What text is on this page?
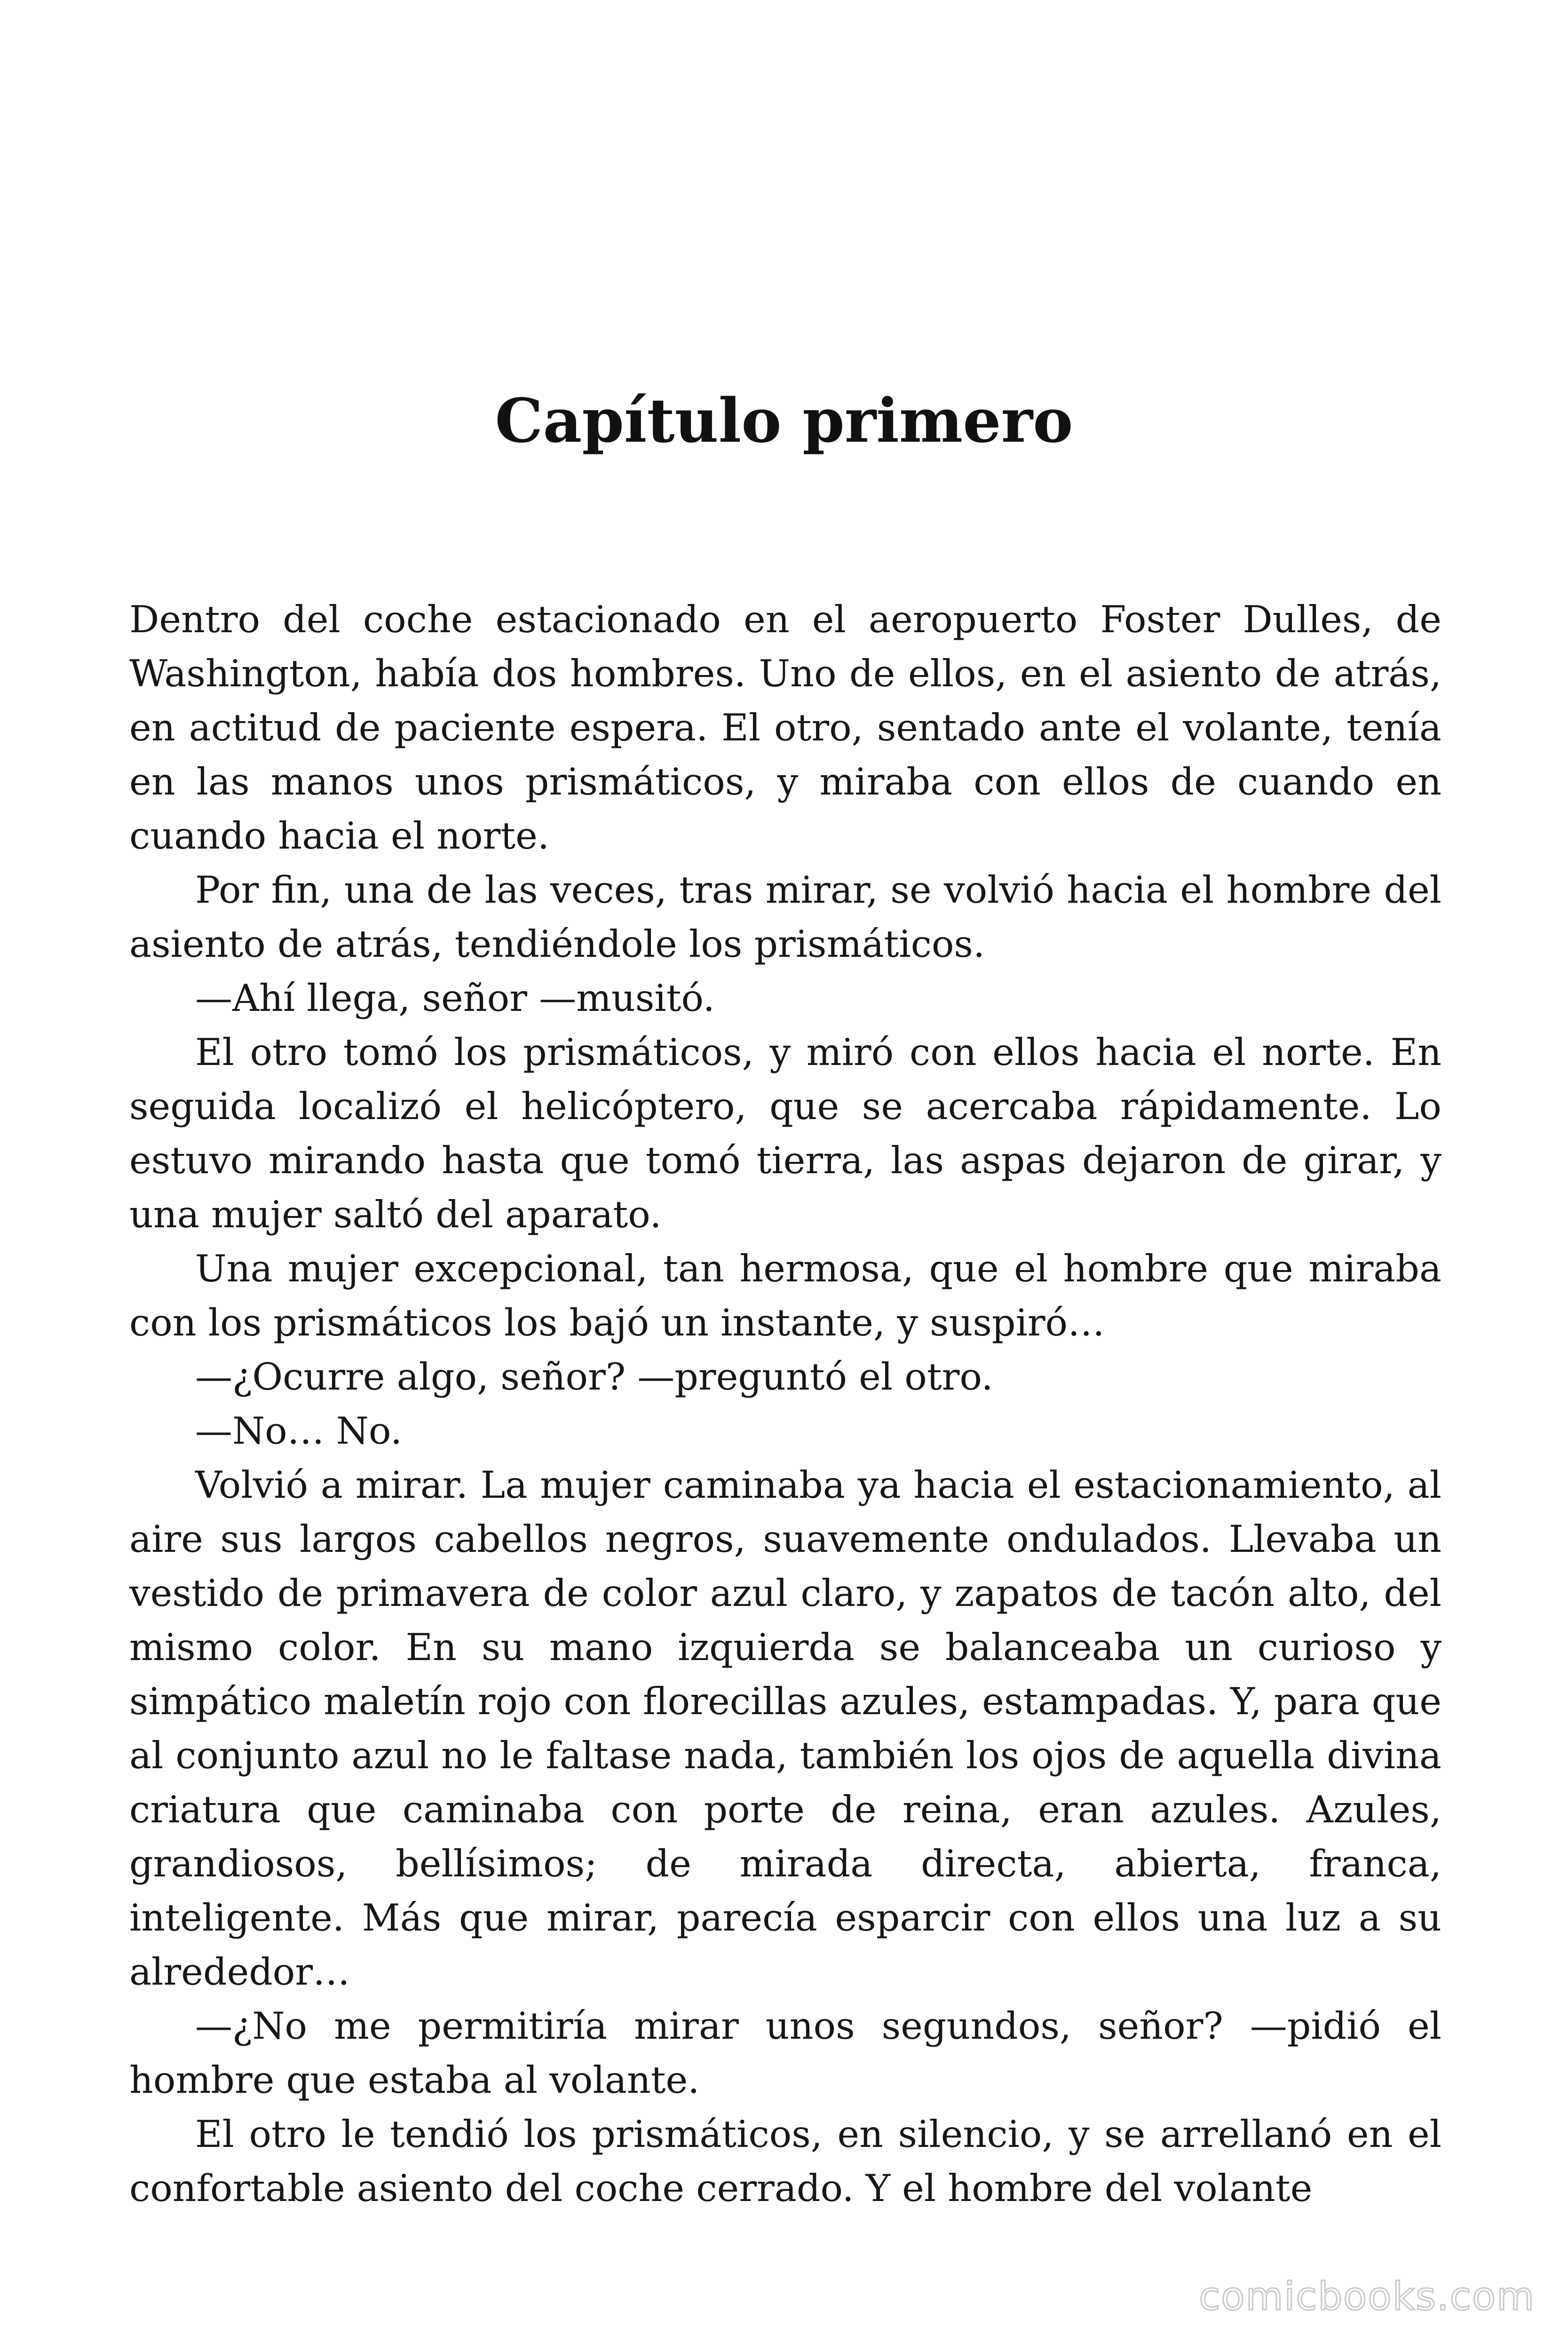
Capítulo primero

Dentro del coche estacionado en el aeropuerto Foster Dulles, de Washington, había dos hombres. Uno de ellos, en el asiento de atrás, en actitud de paciente espera. El otro, sentado ante el volante, tenía en las manos unos prismáticos, y miraba con ellos de cuando en cuando hacia el norte.

Por fin, una de las veces, tras mirar, se volvió hacia el hombre del asiento de atrás, tendiéndole los prismáticos.

—Ahí llega, señor —musitó.

El otro tomó los prismáticos, y miró con ellos hacia el norte. En seguida localizó el helicóptero, que se acercaba rápidamente. Lo estuvo mirando hasta que tomó tierra, las aspas dejaron de girar, y una mujer saltó del aparato.

Una mujer excepcional, tan hermosa, que el hombre que miraba con los prismáticos los bajó un instante, y suspiró…

—¿Ocurre algo, señor? —preguntó el otro.

—No… No.

Volvió a mirar. La mujer caminaba ya hacia el estacionamiento, al aire sus largos cabellos negros, suavemente ondulados. Llevaba un vestido de primavera de color azul claro, y zapatos de tacón alto, del mismo color. En su mano izquierda se balanceaba un curioso y simpático maletín rojo con florecillas azules, estampadas. Y, para que al conjunto azul no le faltase nada, también los ojos de aquella divina criatura que caminaba con porte de reina, eran azules. Azules, grandiosos, bellísimos; de mirada directa, abierta, franca, inteligente. Más que mirar, parecía esparcir con ellos una luz a su alrededor…

—¿No me permitiría mirar unos segundos, señor? —pidió el hombre que estaba al volante.

El otro le tendió los prismáticos, en silencio, y se arrellanó en el confortable asiento del coche cerrado. Y el hombre del volante

comicbooks.com
